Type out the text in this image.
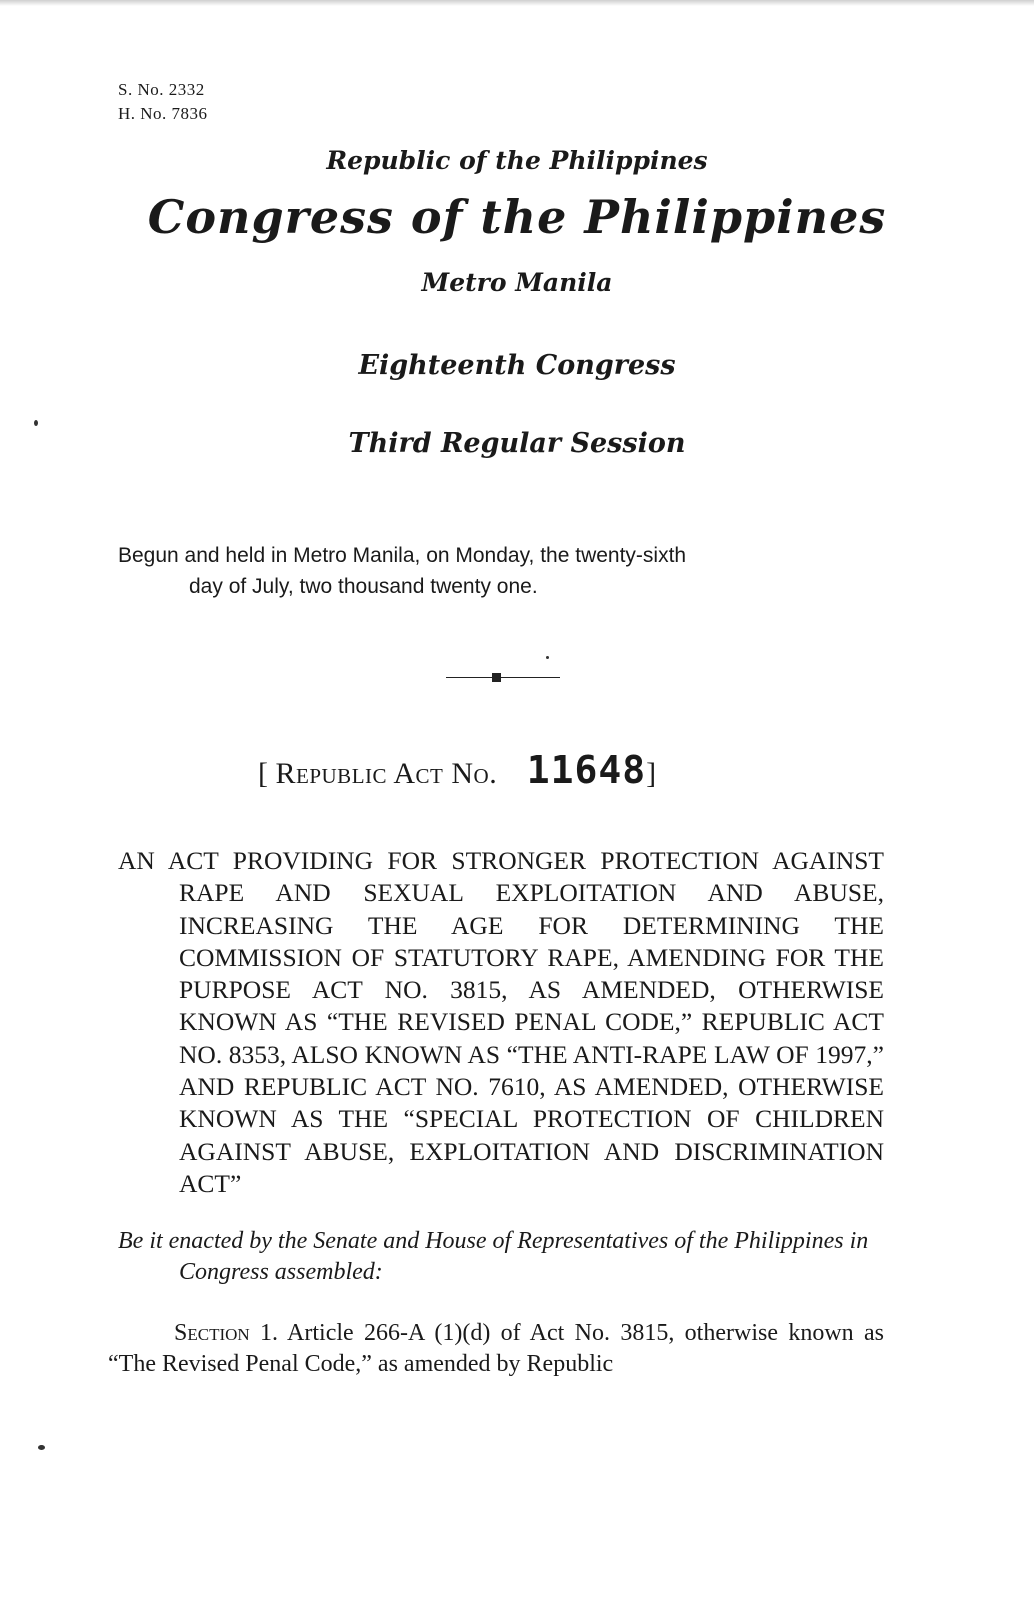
S. No. 2332
H. No. 7836
Republic of the Philippines
Congress of the Philippines
Metro Manila
Eighteenth Congress
Third Regular Session
Begun and held in Metro Manila, on Monday, the twenty-sixth
day of July, two thousand twenty one.
[ Republic Act No. 11648]
AN ACT PROVIDING FOR STRONGER PROTECTION AGAINST RAPE AND SEXUAL EXPLOITATION AND ABUSE, INCREASING THE AGE FOR DETERMINING THE COMMISSION OF STATUTORY RAPE, AMENDING FOR THE PURPOSE ACT NO. 3815, AS AMENDED, OTHERWISE KNOWN AS “THE REVISED PENAL CODE,” REPUBLIC ACT NO. 8353, ALSO KNOWN AS “THE ANTI-RAPE LAW OF 1997,” AND REPUBLIC ACT NO. 7610, AS AMENDED, OTHERWISE KNOWN AS THE “SPECIAL PROTECTION OF CHILDREN AGAINST ABUSE, EXPLOITATION AND DISCRIMINATION ACT”
Be it enacted by the Senate and House of Representatives of the Philippines in Congress assembled:
Section 1. Article 266-A (1)(d) of Act No. 3815, otherwise known as “The Revised Penal Code,” as amended by Republic
